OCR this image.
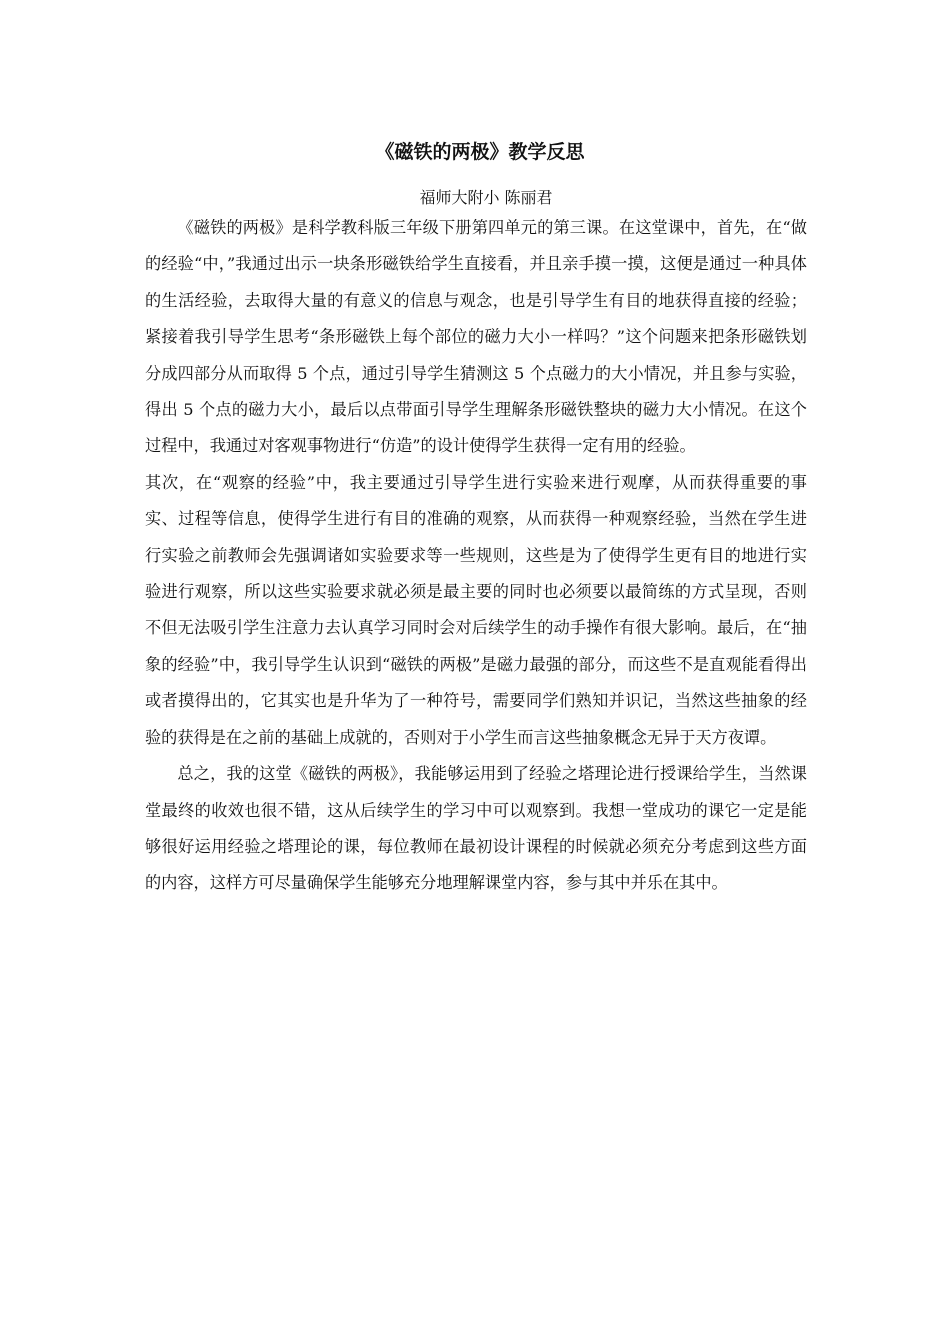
《磁铁的两极》教学反思
福师大附小 陈丽君

《磁铁的两极》是科学教科版三年级下册第四单元的第三课。在这堂课中，首先，在“做的经验“中，”我通过出示一块条形磁铁给学生直接看，并且亲手摸一摸，这便是通过一种具体的生活经验，去取得大量的有意义的信息与观念，也是引导学生有目的地获得直接的经验；紧接着我引导学生思考“条形磁铁上每个部位的磁力大小一样吗？”这个问题来把条形磁铁划分成四部分从而取得 5 个点，通过引导学生猜测这 5 个点磁力的大小情况，并且参与实验，得出 5 个点的磁力大小，最后以点带面引导学生理解条形磁铁整块的磁力大小情况。在这个过程中，我通过对客观事物进行“仿造”的设计使得学生获得一定有用的经验。

其次，在“观察的经验”中，我主要通过引导学生进行实验来进行观摩，从而获得重要的事实、过程等信息，使得学生进行有目的准确的观察，从而获得一种观察经验，当然在学生进行实验之前教师会先强调诸如实验要求等一些规则，这些是为了使得学生更有目的地进行实验进行观察，所以这些实验要求就必须是最主要的同时也必须要以最简练的方式呈现，否则不但无法吸引学生注意力去认真学习同时会对后续学生的动手操作有很大影响。最后，在“抽象的经验”中，我引导学生认识到“磁铁的两极”是磁力最强的部分，而这些不是直观能看得出或者摸得出的，它其实也是升华为了一种符号，需要同学们熟知并识记，当然这些抽象的经验的获得是在之前的基础上成就的，否则对于小学生而言这些抽象概念无异于天方夜谭。

总之，我的这堂《磁铁的两极》，我能够运用到了经验之塔理论进行授课给学生，当然课堂最终的收效也很不错，这从后续学生的学习中可以观察到。我想一堂成功的课它一定是能够很好运用经验之塔理论的课，每位教师在最初设计课程的时候就必须充分考虑到这些方面的内容，这样方可尽量确保学生能够充分地理解课堂内容，参与其中并乐在其中。
